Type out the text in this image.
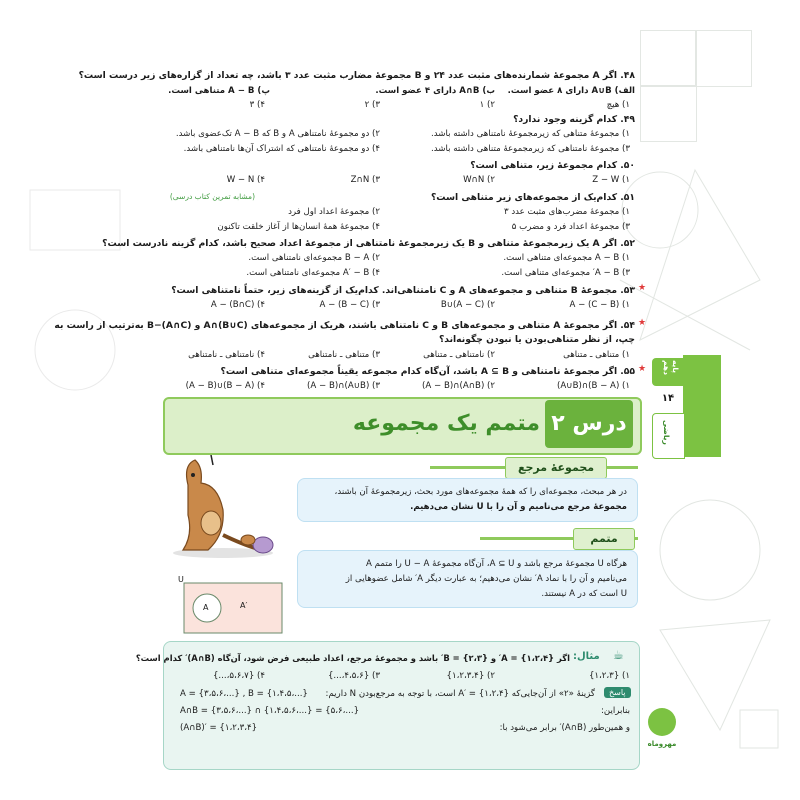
۴۸. اگر A مجموعهٔ شمارنده‌های مثبت عدد ۲۴ و B مجموعهٔ مضارب مثبت عدد ۳ باشد، چه تعداد از گزاره‌های زیر درست است؟
الف) A∪B دارای ۸ عضو است.
ب) A∩B دارای ۴ عضو است.
پ) A − B متناهی است.
۱) هیچ
۲) ۱
۳) ۲
۴) ۳
۴۹. کدام گزینه وجود ندارد؟
۱) مجموعهٔ متناهی که زیرمجموعهٔ نامتناهی داشته باشد.
۲) دو مجموعهٔ نامتناهی A و B که A − B تک‌عضوی باشد.
۳) مجموعهٔ نامتناهی که زیرمجموعهٔ متناهی داشته باشد.
۴) دو مجموعهٔ نامتناهی که اشتراک آن‌ها نامتناهی باشد.
۵۰. کدام مجموعهٔ زیر، متناهی است؟
۱) Z − W
۲) W∩N
۳) Z∩N
۴) W − N
۵۱. کدام‌یک از مجموعه‌های زیر متناهی است؟
(مشابه تمرین کتاب درسی)
۱) مجموعهٔ مضرب‌های مثبت عدد ۳
۲) مجموعهٔ اعداد اول فرد
۳) مجموعهٔ اعداد فرد و مضرب ۵
۴) مجموعهٔ همهٔ انسان‌ها از آغاز خلقت تاکنون
۵۲. اگر A یک زیرمجموعهٔ متناهی و B یک زیرمجموعهٔ نامتناهی از مجموعهٔ اعداد صحیح باشد، کدام گزینه نادرست است؟
۱) A − B مجموعه‌ای متناهی است.
۲) B − A مجموعه‌ای نامتناهی است.
۳) A − B′ مجموعه‌ای متناهی است.
۴) A′ − B مجموعه‌ای نامتناهی است.
★
۵۳. مجموعهٔ B متناهی و مجموعه‌های A و C نامتناهی‌اند. کدام‌یک از گزینه‌های زیر، حتماً نامتناهی است؟
۱) A − (C − B)
۲) B∪(A − C)
۳) A − (B − C)
۴) (B∩C) − A
★
۵۴. اگر مجموعهٔ A متناهی و مجموعه‌های B و C نامتناهی باشند، هریک از مجموعه‌های (A∩(B∪C و (B−(A∩C به‌ترتیب از راست به
چپ، از نظر متناهی‌بودن یا نبودن چگونه‌اند؟
۱) متناهی ـ متناهی
۲) نامتناهی ـ متناهی
۳) متناهی ـ نامتناهی
۴) نامتناهی ـ نامتناهی
★
۵۵. اگر مجموعهٔ نامتناهی و A ⊆ B باشد، آن‌گاه کدام مجموعه یقیناً مجموعه‌ای متناهی است؟
۱) (B − A)∩(A∪B)
۲) (A∩B)∩(A − B)
۳) (A∪B)∩(A − B)
۴) (B − A)∪(A − B)
پایه دهم
۱۴
ریاضی
درس ۲
متمم یک مجموعه
مجموعهٔ مرجع
در هر مبحث، مجموعه‌ای را که همهٔ مجموعه‌های مورد بحث، زیرمجموعهٔ آن باشند،
مجموعهٔ مرجع می‌نامیم و آن را با U نشان می‌دهیم.
متمم
هرگاه U مجموعهٔ مرجع باشد و A ⊆ U، آن‌گاه مجموعهٔ U − A را متمم A
می‌نامیم و آن را با نماد A′ نشان می‌دهیم؛ به عبارت دیگر A′ شامل عضوهایی از
U است که در A نیستند.
U
A	A′
☕
مثال:
اگر {۱،۲،۴} = A′ و {۲،۳} = B′ باشد و مجموعهٔ مرجع، اعداد طبیعی فرض شود، آن‌گاه (A∩B)′ کدام است؟
۱) {۱،۲،۳}
۲) {۱،۲،۳،۴}
۳) {۴،۵،۶،...}
۴) {۵،۶،۷،...}
پاسخ
گزینهٔ «۲» از آن‌جایی‌که A′ = {۱،۲،۴} است، با توجه به مرجع‌بودن N داریم:
A = {۳،۵،۶،...} , B = {۱،۴،۵،...}
بنابراین:
A∩B = {۳،۵،۶،...} ∩ {۱،۴،۵،۶،...} = {۵،۶،...}
و همین‌طور (A∩B)′ برابر می‌شود با:
(A∩B)′ = {۱،۲،۳،۴}
مهروماه
